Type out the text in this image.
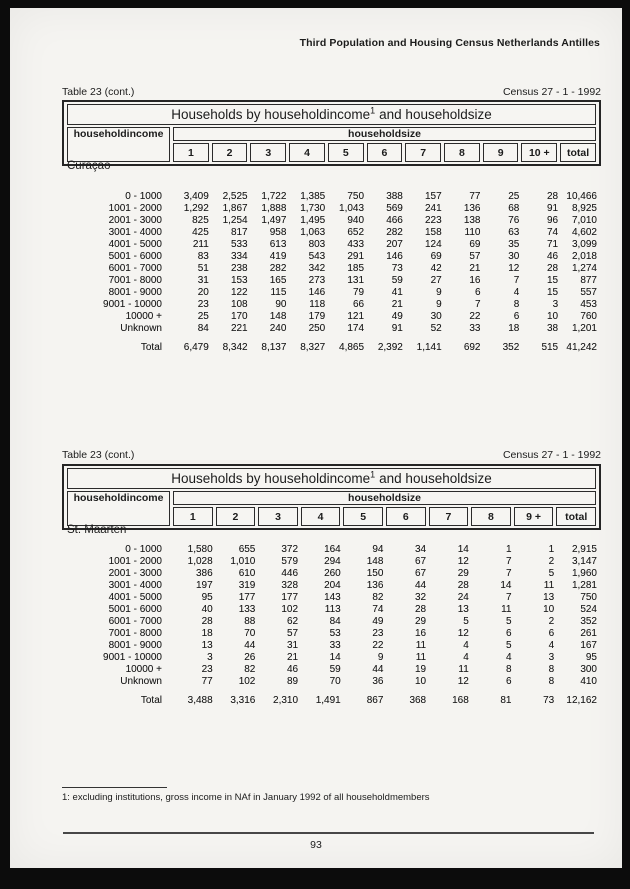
Third Population and Housing Census Netherlands Antilles
Table 23 (cont.)	Census 27 - 1 - 1992
Households by householdincome$^1$ and householdsize											
householdincome	householdsize										
	1	2	3	4	5	6	7	8	9	10 +	total
Curaçao
0 - 1000	3,409	2,525	1,722	1,385	750	388	157	77	25	28	10,466
1001 - 2000	1,292	1,867	1,888	1,730	1,043	569	241	136	68	91	8,925
2001 - 3000	825	1,254	1,497	1,495	940	466	223	138	76	96	7,010
3001 - 4000	425	817	958	1,063	652	282	158	110	63	74	4,602
4001 - 5000	211	533	613	803	433	207	124	69	35	71	3,099
5001 - 6000	83	334	419	543	291	146	69	57	30	46	2,018
6001 - 7000	51	238	282	342	185	73	42	21	12	28	1,274
7001 - 8000	31	153	165	273	131	59	27	16	7	15	877
8001 - 9000	20	122	115	146	79	41	9	6	4	15	557
9001 - 10000	23	108	90	118	66	21	9	7	8	3	453
10000 +	25	170	148	179	121	49	30	22	6	10	760
Unknown	84	221	240	250	174	91	52	33	18	38	1,201

Total	6,479	8,342	8,137	8,327	4,865	2,392	1,141	692	352	515	41,242
Table 23 (cont.)	Census 27 - 1 - 1992
Households by householdincome$^1$ and householdsize										
householdincome	householdsize									
	1	2	3	4	5	6	7	8	9 +	total
St. Maarten
0 - 1000	1,580	655	372	164	94	34	14	1	1	2,915
1001 - 2000	1,028	1,010	579	294	148	67	12	7	2	3,147
2001 - 3000	386	610	446	260	150	67	29	7	5	1,960
3001 - 4000	197	319	328	204	136	44	28	14	11	1,281
4001 - 5000	95	177	177	143	82	32	24	7	13	750
5001 - 6000	40	133	102	113	74	28	13	11	10	524
6001 - 7000	28	88	62	84	49	29	5	5	2	352
7001 - 8000	18	70	57	53	23	16	12	6	6	261
8001 - 9000	13	44	31	33	22	11	4	5	4	167
9001 - 10000	3	26	21	14	9	11	4	4	3	95
10000 +	23	82	46	59	44	19	11	8	8	300
Unknown	77	102	89	70	36	10	12	6	8	410

Total	3,488	3,316	2,310	1,491	867	368	168	81	73	12,162
1: excluding institutions, gross income in NAf in January 1992 of all householdmembers
93
